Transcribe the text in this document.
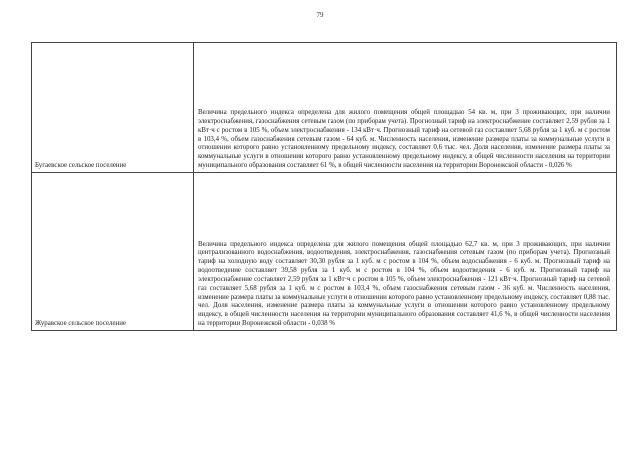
79
Бугаевское сельское поселение	Величина предельного индекса определена для жилого помещения общей площадью 54 кв. м, при 3 проживающих, при наличии электроснабжения, газоснабжения сетевым газом (по приборам учета). Прогнозный тариф на электроснабжение составляет 2,59 рубля за 1 кВт·ч с ростом в 105 %, объем электроснабжения - 134 кВт·ч. Прогнозный тариф на сетевой газ составляет 5,68 рубля за 1 куб. м с ростом в 103,4 %, объем газоснабжения сетевым газом - 64 куб. м. Численность населения, изменение размера платы за коммунальные услуги в отношении которого равно установленному предельному индексу, составляет 0,6 тыс. чел. Доля населения, изменение размера платы за коммунальные услуги в отношении которого равно установленному предельному индексу, в общей численности населения на территории муниципального образования составляет 61 %, в общей численности населения на территории Воронежской области - 0,026 %

Журавское сельское поселение	Величина предельного индекса определена для жилого помещения общей площадью 62,7 кв. м, при 3 проживающих, при наличии централизованного водоснабжения, водоотведения, электроснабжения, газоснабжения сетевым газом (по приборам учета). Прогнозный тариф на холодную воду составляет 30,30 рубля за 1 куб. м с ростом в 104 %, объем водоснабжения - 6 куб. м. Прогнозный тариф на водоотведение составляет 39,58 рубля за 1 куб. м с ростом в 104 %, объем водоотведения - 6 куб. м. Прогнозный тариф на электроснабжение составляет 2,59 рубля за 1 кВт·ч с ростом в 105 %, объем электроснабжения - 121 кВт·ч. Прогнозный тариф на сетевой газ составляет 5,68 рубля за 1 куб. м с ростом в 103,4 %, объем газоснабжения сетевым газом - 36 куб. м. Численность населения, изменение размера платы за коммунальные услуги в отношении которого равно установленному предельному индексу, составляет 0,88 тыс. чел. Доля населения, изменение размера платы за коммунальные услуги в отношении которого равно установленному предельному индексу, в общей численности населения на территории муниципального образования составляет 41,6 %, в общей численности населения на территории Воронежской области - 0,038 %
